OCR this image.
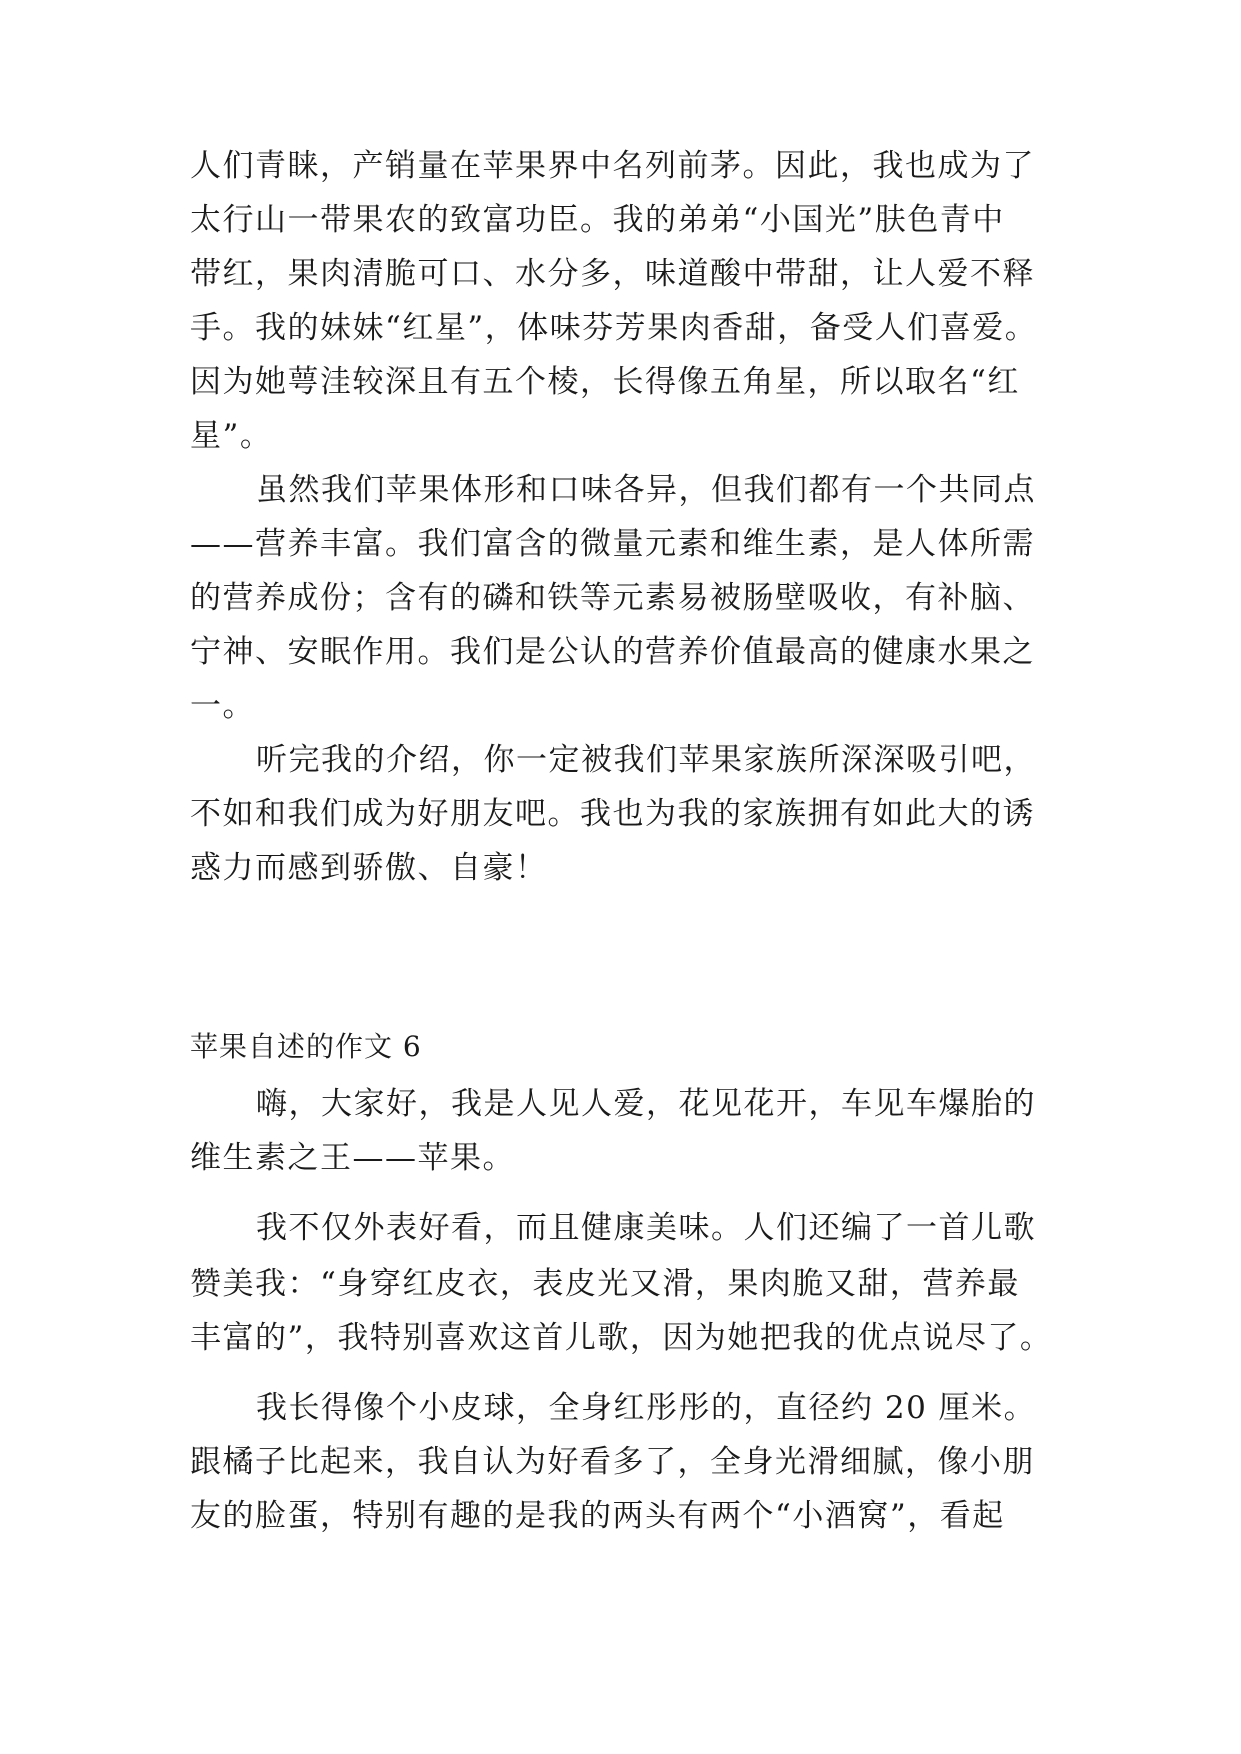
人们青睐，产销量在苹果界中名列前茅。因此，我也成为了
太行山一带果农的致富功臣。我的弟弟“小国光”肤色青中
带红，果肉清脆可口、水分多，味道酸中带甜，让人爱不释
手。我的妹妹“红星”，体味芬芳果肉香甜，备受人们喜爱。
因为她萼洼较深且有五个棱，长得像五角星，所以取名“红
星”。
虽然我们苹果体形和口味各异，但我们都有一个共同点
——营养丰富。我们富含的微量元素和维生素，是人体所需
的营养成份；含有的磷和铁等元素易被肠壁吸收，有补脑、
宁神、安眠作用。我们是公认的营养价值最高的健康水果之
一。
听完我的介绍，你一定被我们苹果家族所深深吸引吧，
不如和我们成为好朋友吧。我也为我的家族拥有如此大的诱
惑力而感到骄傲、自豪！
苹果自述的作文 6
嗨，大家好，我是人见人爱，花见花开，车见车爆胎的
维生素之王——苹果。
我不仅外表好看，而且健康美味。人们还编了一首儿歌
赞美我：“身穿红皮衣，表皮光又滑，果肉脆又甜，营养最
丰富的”，我特别喜欢这首儿歌，因为她把我的优点说尽了。
我长得像个小皮球，全身红彤彤的，直径约 20 厘米。
跟橘子比起来，我自认为好看多了，全身光滑细腻，像小朋
友的脸蛋，特别有趣的是我的两头有两个“小酒窝”，看起
